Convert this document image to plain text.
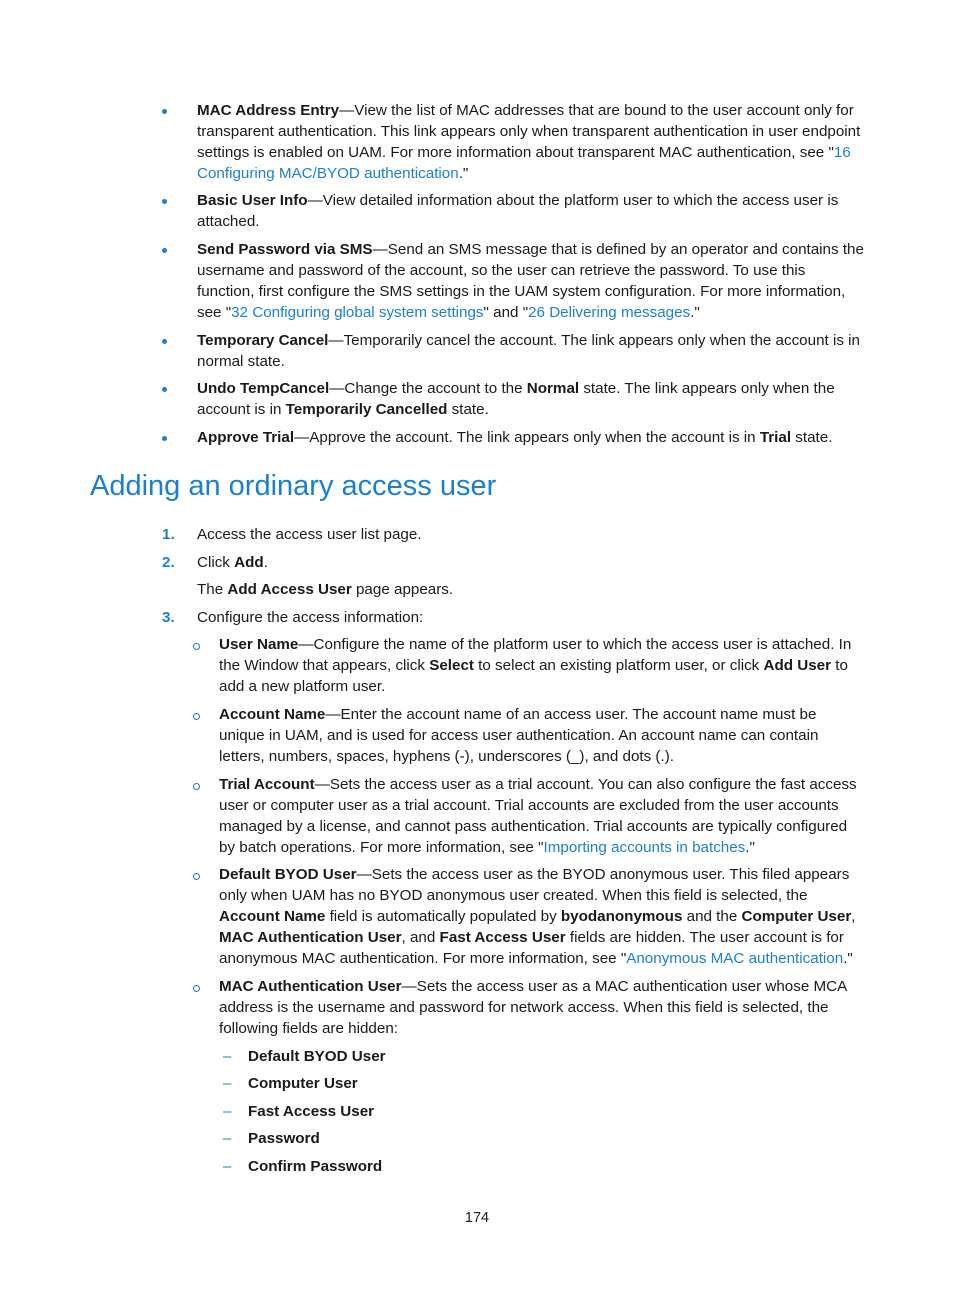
MAC Address Entry—View the list of MAC addresses that are bound to the user account only for transparent authentication. This link appears only when transparent authentication in user endpoint settings is enabled on UAM. For more information about transparent MAC authentication, see "16 Configuring MAC/BYOD authentication."

Basic User Info—View detailed information about the platform user to which the access user is attached.

Send Password via SMS—Send an SMS message that is defined by an operator and contains the username and password of the account, so the user can retrieve the password. To use this function, first configure the SMS settings in the UAM system configuration. For more information, see "32 Configuring global system settings" and "26 Delivering messages."

Temporary Cancel—Temporarily cancel the account. The link appears only when the account is in normal state.

Undo TempCancel—Change the account to the Normal state. The link appears only when the account is in Temporarily Cancelled state.

Approve Trial—Approve the account. The link appears only when the account is in Trial state.

Adding an ordinary access user
1. Access the access user list page.

2. Click Add.

The Add Access User page appears.

3. Configure the access information:

User Name—Configure the name of the platform user to which the access user is attached. In the Window that appears, click Select to select an existing platform user, or click Add User to add a new platform user.

Account Name—Enter the account name of an access user. The account name must be unique in UAM, and is used for access user authentication. An account name can contain letters, numbers, spaces, hyphens (-), underscores (_), and dots (.).

Trial Account—Sets the access user as a trial account. You can also configure the fast access user or computer user as a trial account. Trial accounts are excluded from the user accounts managed by a license, and cannot pass authentication. Trial accounts are typically configured by batch operations. For more information, see "Importing accounts in batches."

Default BYOD User—Sets the access user as the BYOD anonymous user. This filed appears only when UAM has no BYOD anonymous user created. When this field is selected, the Account Name field is automatically populated by byodanonymous and the Computer User, MAC Authentication User, and Fast Access User fields are hidden. The user account is for anonymous MAC authentication. For more information, see "Anonymous MAC authentication."

MAC Authentication User—Sets the access user as a MAC authentication user whose MCA address is the username and password for network access. When this field is selected, the following fields are hidden:

– Default BYOD User

– Computer User

– Fast Access User

– Password

– Confirm Password

174
